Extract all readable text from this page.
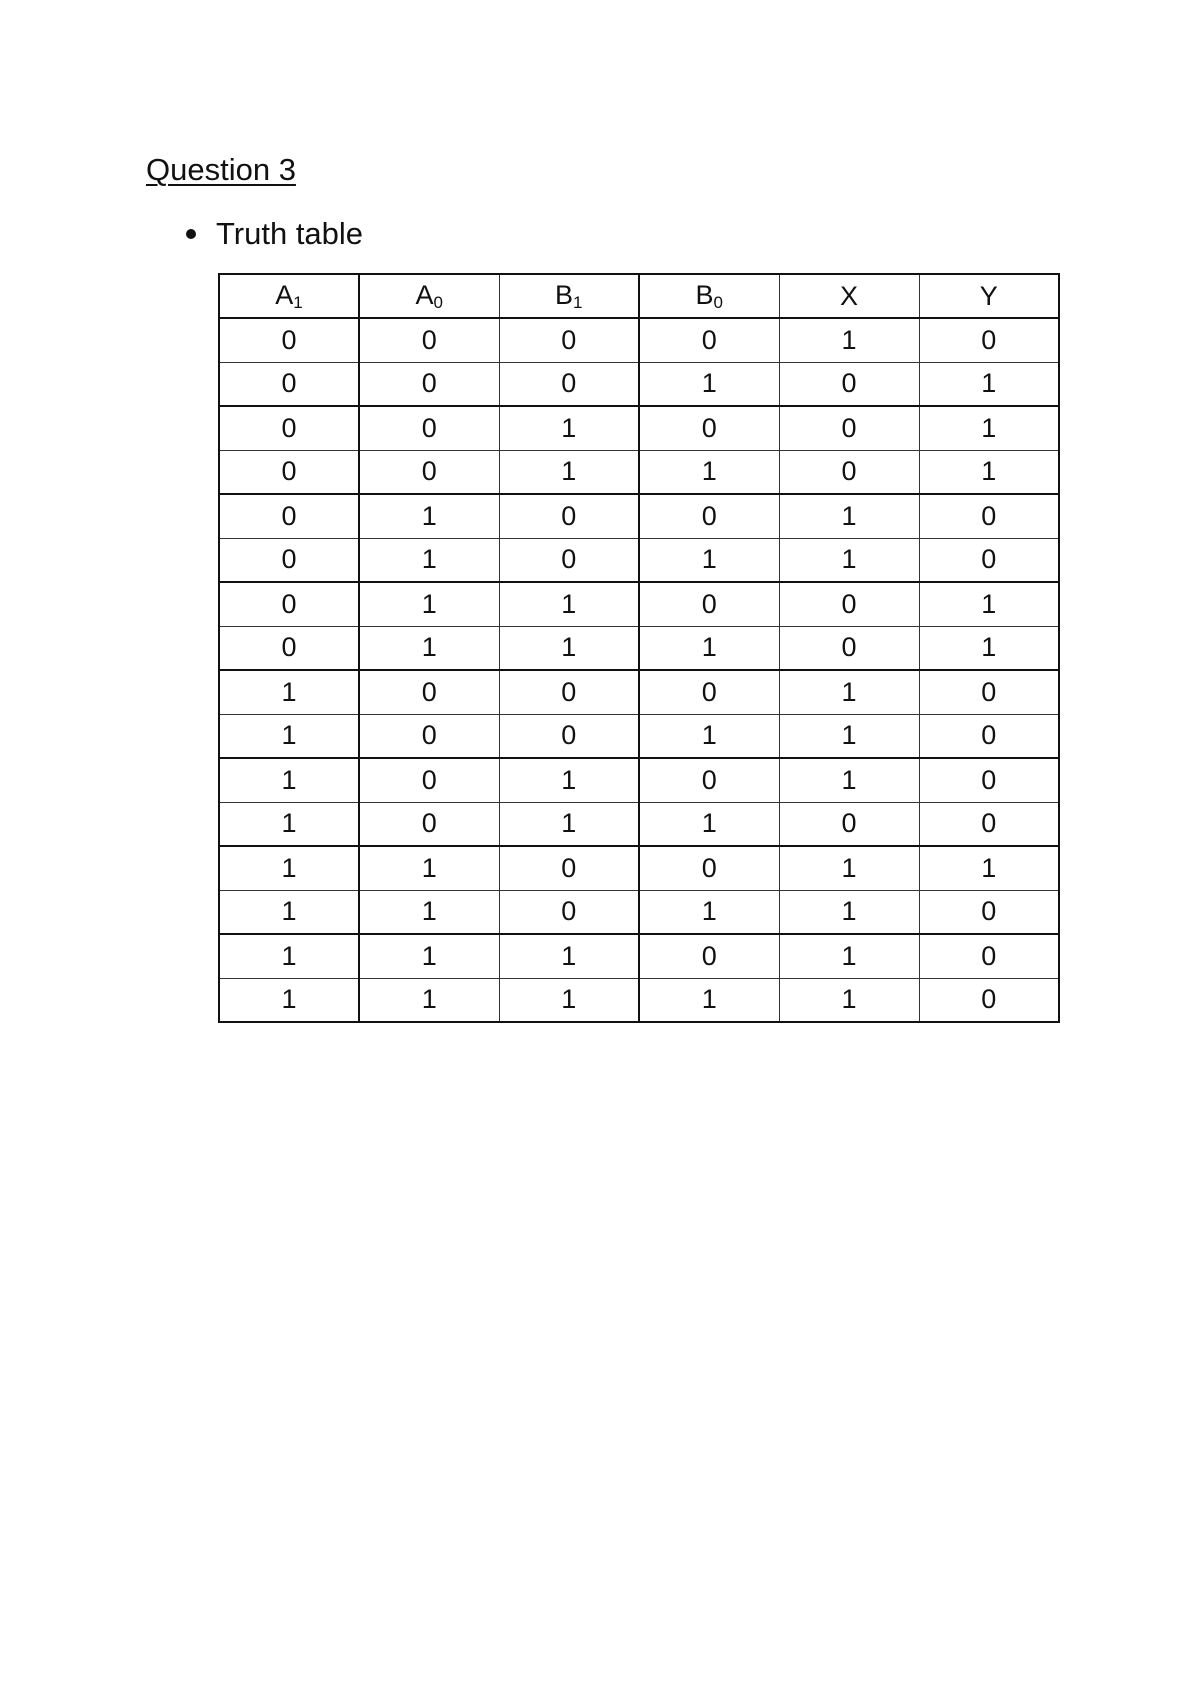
Question 3
Truth table
A1	A0	B1	B0	X	Y
0	0	0	0	1	0
0	0	0	1	0	1
0	0	1	0	0	1
0	0	1	1	0	1
0	1	0	0	1	0
0	1	0	1	1	0
0	1	1	0	0	1
0	1	1	1	0	1
1	0	0	0	1	0
1	0	0	1	1	0
1	0	1	0	1	0
1	0	1	1	0	0
1	1	0	0	1	1
1	1	0	1	1	0
1	1	1	0	1	0
1	1	1	1	1	0
